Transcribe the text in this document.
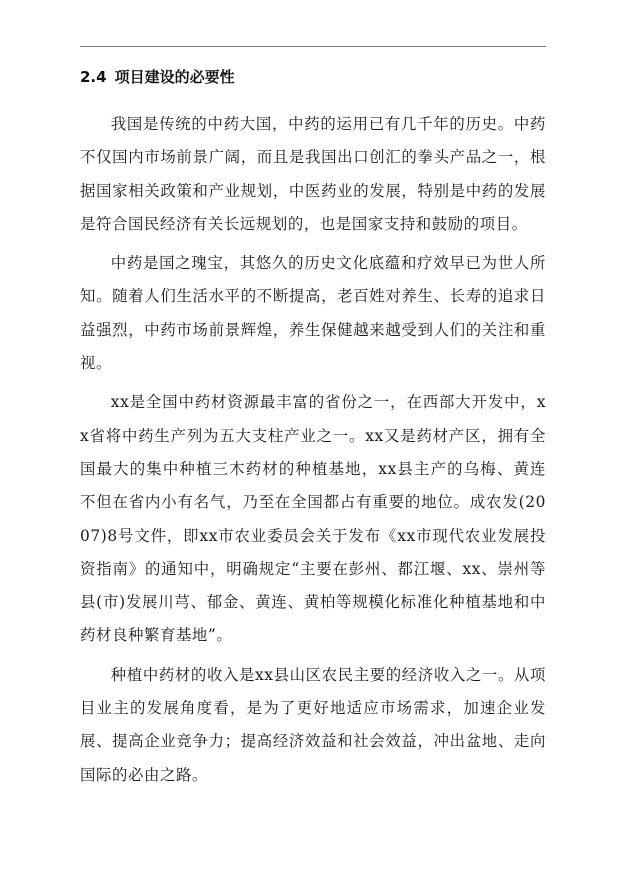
2.4 项目建设的必要性

我国是传统的中药大国，中药的运用已有几千年的历史。中药不仅国内市场前景广阔，而且是我国出口创汇的拳头产品之一，根据国家相关政策和产业规划，中医药业的发展，特别是中药的发展是符合国民经济有关长远规划的，也是国家支持和鼓励的项目。

中药是国之瑰宝，其悠久的历史文化底蕴和疗效早已为世人所知。随着人们生活水平的不断提高，老百姓对养生、长寿的追求日益强烈，中药市场前景辉煌，养生保健越来越受到人们的关注和重视。

xx是全国中药材资源最丰富的省份之一，在西部大开发中，xx省将中药生产列为五大支柱产业之一。xx又是药材产区，拥有全国最大的集中种植三木药材的种植基地，xx县主产的乌梅、黄连不但在省内小有名气，乃至在全国都占有重要的地位。成农发(2007)8号文件，即xx市农业委员会关于发布《xx市现代农业发展投资指南》的通知中，明确规定“主要在彭州、都江堰、xx、崇州等县(市)发展川芎、郁金、黄连、黄柏等规模化标准化种植基地和中药材良种繁育基地”。

种植中药材的收入是xx县山区农民主要的经济收入之一。从项目业主的发展角度看，是为了更好地适应市场需求，加速企业发展、提高企业竞争力；提高经济效益和社会效益，冲出盆地、走向国际的必由之路。
